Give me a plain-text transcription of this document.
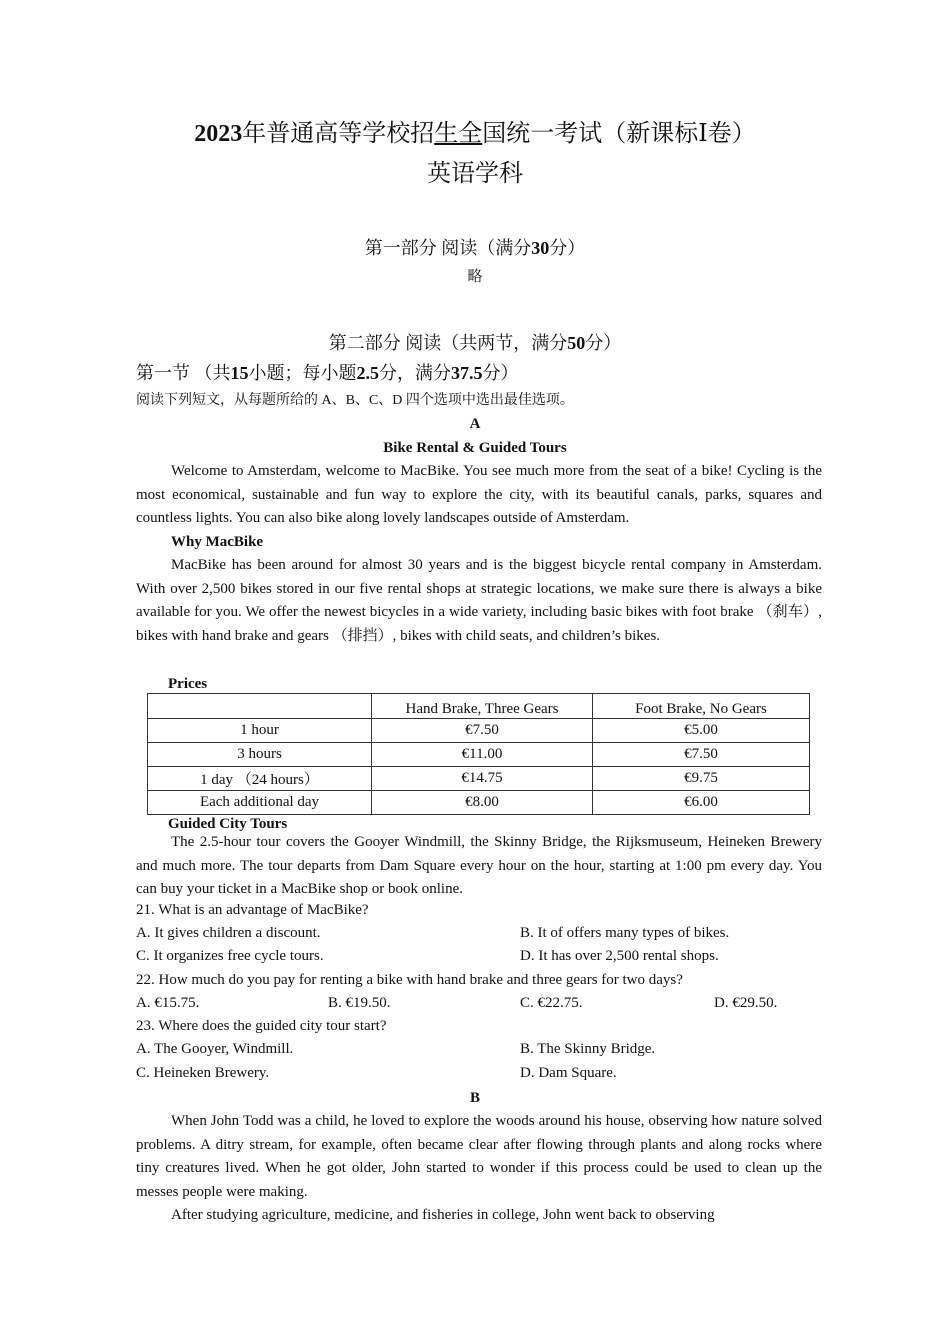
2023年普通高等学校招生全国统一考试（新课标Ⅰ卷）
英语学科
第一部分 阅读（满分30分）
略
第二部分 阅读（共两节，满分50分）
第一节 （共15小题；每小题2.5分，满分37.5分）
阅读下列短文，从每题所给的 A、B、C、D 四个选项中选出最佳选项。
A
Bike Rental & Guided Tours

Welcome to Amsterdam, welcome to MacBike. You see much more from the seat of a bike! Cycling is the most economical, sustainable and fun way to explore the city, with its beautiful canals, parks, squares and countless lights. You can also bike along lovely landscapes outside of Amsterdam.

Why MacBike

MacBike has been around for almost 30 years and is the biggest bicycle rental company in Amsterdam. With over 2,500 bikes stored in our five rental shops at strategic locations, we make sure there is always a bike available for you. We offer the newest bicycles in a wide variety, including basic bikes with foot brake （刹车）, bikes with hand brake and gears （排挡）, bikes with child seats, and children’s bikes.

Prices
	Hand Brake, Three Gears	Foot Brake, No Gears
1 hour	€7.50	€5.00
3 hours	€11.00	€7.50
1 day （24 hours）	€14.75	€9.75
Each additional day	€8.00	€6.00
Guided City Tours

The 2.5-hour tour covers the Gooyer Windmill, the Skinny Bridge, the Rijksmuseum, Heineken Brewery and much more. The tour departs from Dam Square every hour on the hour, starting at 1:00 pm every day. You can buy your ticket in a MacBike shop or book online.

21. What is an advantage of MacBike?
A. It gives children a discount.	B. It of offers many types of bikes.
C. It organizes free cycle tours.	D. It has over 2,500 rental shops.
22. How much do you pay for renting a bike with hand brake and three gears for two days?
A. €15.75.	B. €19.50.	C. €22.75.	D. €29.50.
23. Where does the guided city tour start?
A. The Gooyer, Windmill.	B. The Skinny Bridge.
C. Heineken Brewery.	D. Dam Square.
B

When John Todd was a child, he loved to explore the woods around his house, observing how nature solved problems. A ditry stream, for example, often became clear after flowing through plants and along rocks where tiny creatures lived. When he got older, John started to wonder if this process could be used to clean up the messes people were making.

After studying agriculture, medicine, and fisheries in college, John went back to observing
